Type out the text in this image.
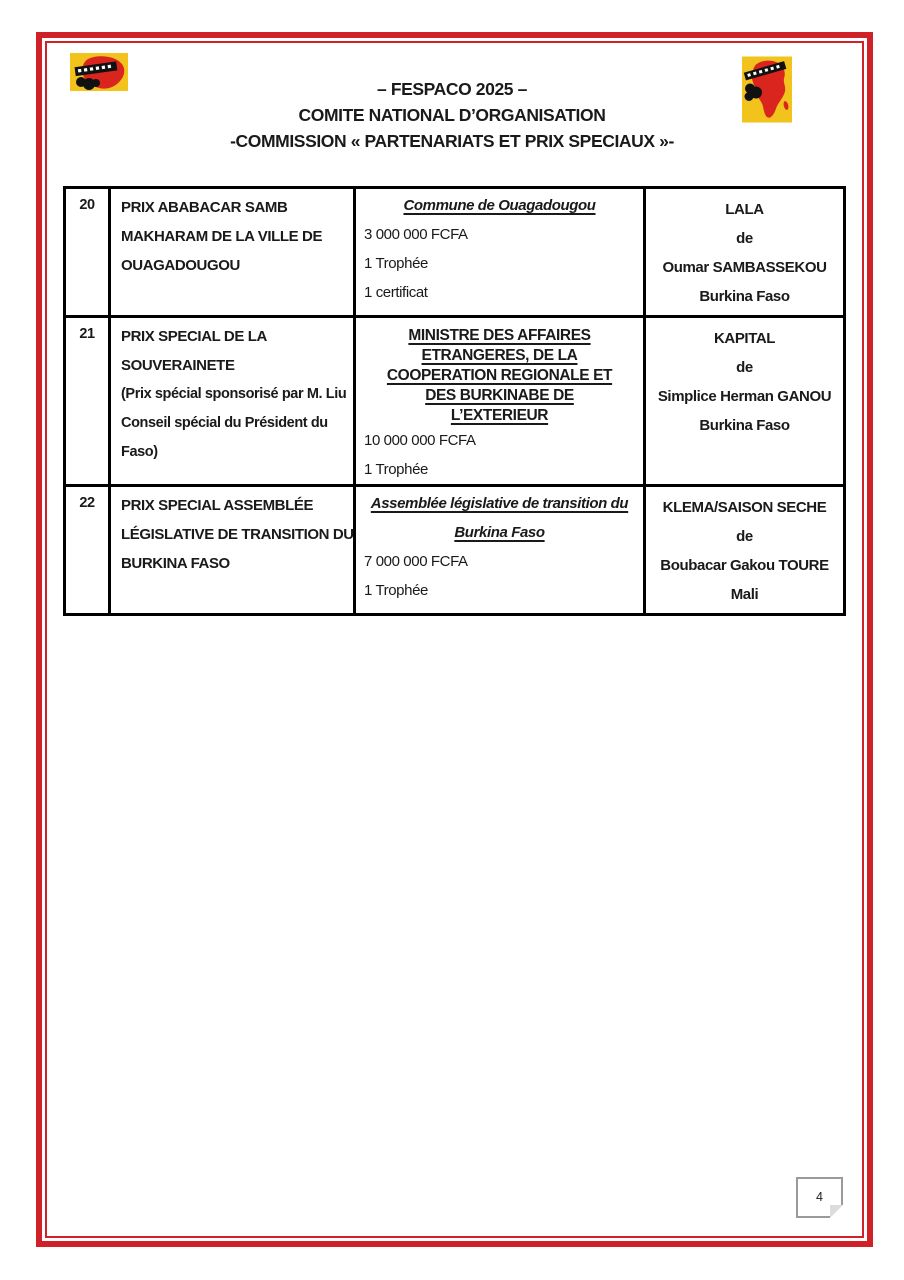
– FESPACO 2025 –
COMITE NATIONAL D’ORGANISATION
-COMMISSION « PARTENARIATS ET PRIX SPECIAUX »-
20	PRIX ABABACAR SAMB
MAKHARAM DE LA VILLE DE
OUAGADOUGOU

Commune de Ouagadougou
3 000 000 FCFA
1 Trophée
1 certificat

LALA
de
Oumar SAMBASSEKOU
Burkina Faso

21	PRIX SPECIAL DE LA
SOUVERAINETE
(Prix spécial sponsorisé par M. Liu
Conseil spécial du Président du
Faso)

MINISTRE DES AFFAIRES
ETRANGERES, DE LA
COOPERATION REGIONALE ET
DES BURKINABE DE
L’EXTERIEUR
10 000 000 FCFA
1 Trophée

KAPITAL
de
Simplice Herman GANOU
Burkina Faso

22	PRIX SPECIAL ASSEMBLÉE
LÉGISLATIVE DE TRANSITION DU
BURKINA FASO

Assemblée législative de transition du
Burkina Faso
7 000 000 FCFA
1 Trophée

KLEMA/SAISON SECHE
de
Boubacar Gakou TOURE
Mali
4
